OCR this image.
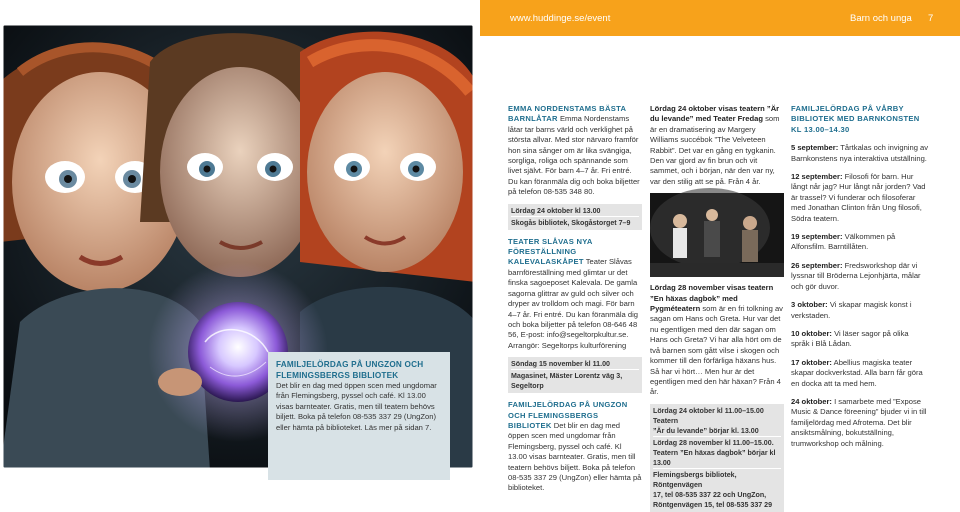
www.huddinge.se/event	Barn och unga 7
FAMILJELÖRDAG PÅ UNGZON OCH FLEMINGSBERGS BIBLIOTEK
Det blir en dag med öppen scen med ungdomar från Flemingsberg, pyssel och café. Kl 13.00 visas barnteater. Gratis, men till teatern behövs biljett. Boka på telefon 08-535 337 29 (UngZon) eller hämta på biblioteket. Läs mer på sidan 7.
EMMA NORDENSTAMS BÄSTA BARNLÅTAR Emma Nordenstams låtar tar barns värld och verklighet på största allvar. Med stor närvaro framför hon sina sånger om är lika svängiga, sorgliga, roliga och spännande som livet självt. För barn 4–7 år. Fri entré. Du kan föranmäla dig och boka biljetter på telefon 08-535 348 80.
Lördag 24 oktober kl 13.00
Skogås bibliotek, Skogåstorget 7–9
TEATER SLÅVAS NYA FÖRESTÄLLNING KALEVALASKÅPET Teater Slåvas barnföreställning med glimtar ur det finska sagoeposet Kalevala. De gamla sagorna glittrar av guld och silver och dryper av trolldom och magi. För barn 4–7 år. Fri entré. Du kan föranmäla dig och boka biljetter på telefon 08-646 48 56, E-post: info@segeltorpkultur.se. Arrangör: Segeltorps kulturförening
Söndag 15 november kl 11.00
Magasinet, Mäster Lorentz väg 3, Segeltorp
FAMILJELÖRDAG PÅ UNGZON OCH FLEMINGSBERGS BIBLIOTEK Det blir en dag med öppen scen med ungdomar från Flemingsberg, pyssel och café. Kl 13.00 visas barnteater. Gratis, men till teatern behövs biljett. Boka på telefon 08-535 337 29 (UngZon) eller hämta på biblioteket.
Lördag 24 oktober visas teatern ”Är du levande” med Teater Fredag som är en dramatisering av Margery Williams succébok ”The Velveteen Rabbit”. Det var en gång en tygkanin. Den var gjord av fin brun och vit sammet, och i början, när den var ny, var den stilig att se på. Från 4 år.
Lördag 28 november visas teatern ”En häxas dagbok” med Pygméteatern som är en fri tolkning av sagan om Hans och Greta. Hur var det nu egentligen med den där sagan om Hans och Greta? Vi har alla hört om de två barnen som gått vilse i skogen och kommer till den förfärliga häxans hus. Så har vi hört… Men hur är det egentligen med den här häxan? Från 4 år.
Lördag 24 oktober kl 11.00–15.00 Teatern
”Är du levande” börjar kl. 13.00
Lördag 28 november kl 11.00–15.00.
Teatern ”En häxas dagbok” börjar kl 13.00
Flemingsbergs bibliotek, Röntgenvägen
17, tel 08-535 337 22 och UngZon,
Röntgenvägen 15, tel 08-535 337 29
FAMILJELÖRDAG PÅ VÅRBY BIBLIOTEK MED BARNKONSTEN KL 13.00–14.30
5 september: Tårtkalas och invigning av Barnkonstens nya interaktiva utställning.
12 september: Filosofi för barn. Hur långt når jag? Hur långt når jorden? Vad är trassel? Vi funderar och filosoferar med Jonathan Clinton från Ung filosofi, Södra teatern.
19 september: Välkommen på Alfonsfilm. Barntillåten.
26 september: Fredsworkshop där vi lyssnar till Bröderna Lejonhjärta, målar och gör duvor.
3 oktober: Vi skapar magisk konst i verkstaden.
10 oktober: Vi läser sagor på olika språk i Blå Lådan.
17 oktober: Abellius magiska teater skapar dockverkstad. Alla barn får göra en docka att ta med hem.
24 oktober: I samarbete med ”Expose Music & Dance föreening” bjuder vi in till familjelördag med Afrotema. Det blir ansiktsmålning, bokutställning, trumworkshop och målning.
